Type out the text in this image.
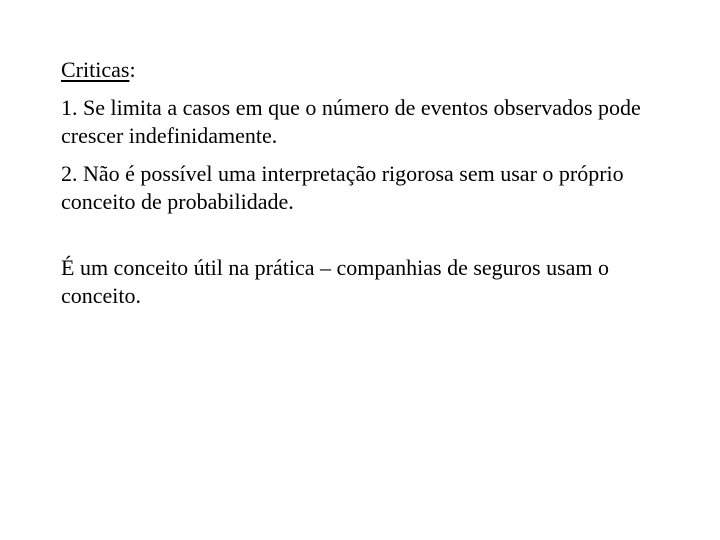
Criticas:

1. Se limita a casos em que o número de eventos observados pode crescer indefinidamente.

2. Não é possível uma interpretação rigorosa sem usar o próprio conceito de probabilidade.

É um conceito útil na prática – companhias de seguros usam o conceito.
